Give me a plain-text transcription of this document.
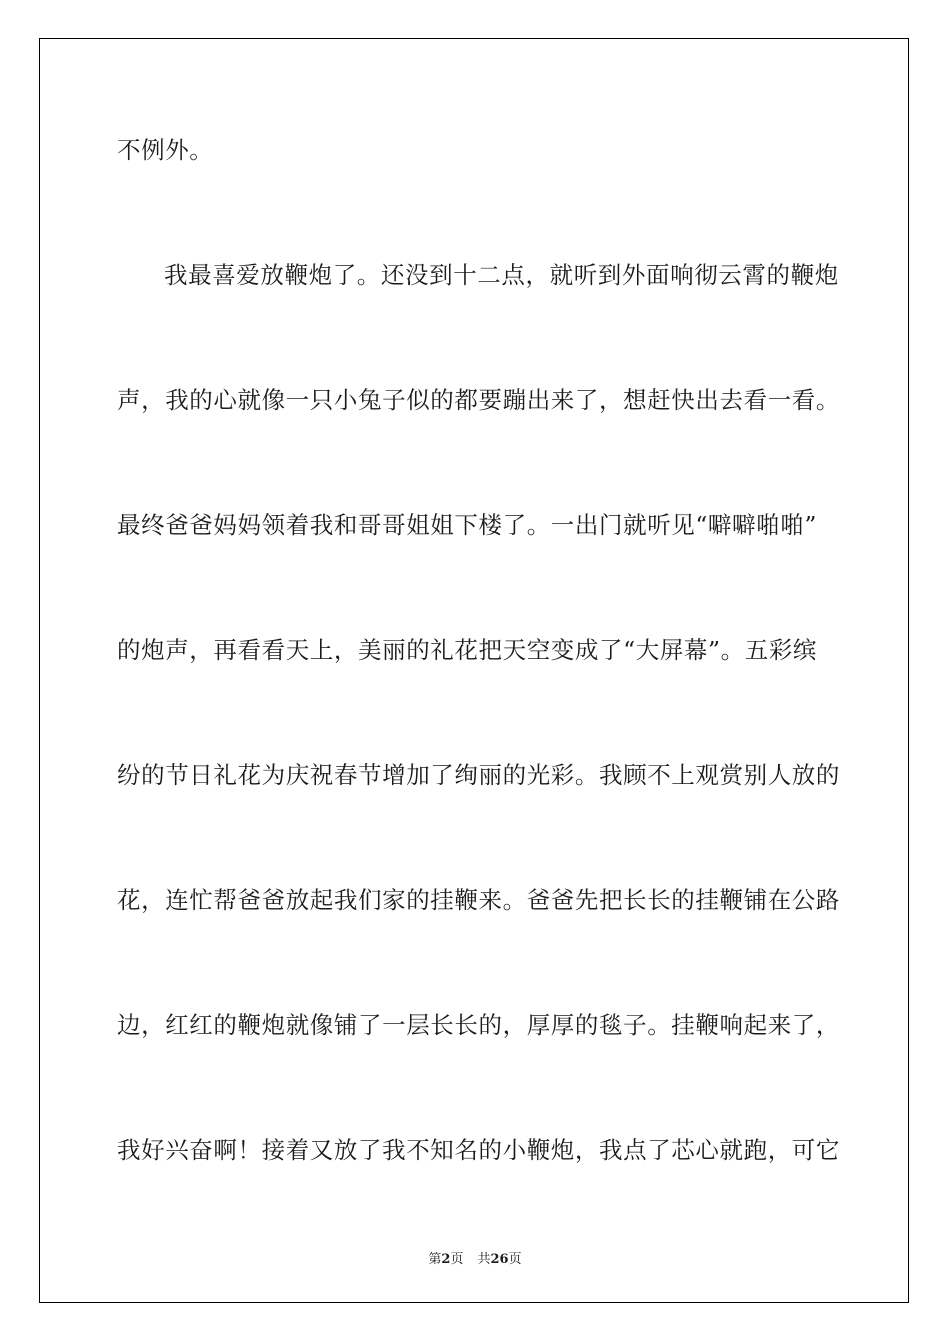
不例外。
我最喜爱放鞭炮了。还没到十二点，就听到外面响彻云霄的鞭炮
声，我的心就像一只小兔子似的都要蹦出来了，想赶快出去看一看。
最终爸爸妈妈领着我和哥哥姐姐下楼了。一出门就听见“噼噼啪啪”
的炮声，再看看天上，美丽的礼花把天空变成了“大屏幕”。五彩缤
纷的节日礼花为庆祝春节增加了绚丽的光彩。我顾不上观赏别人放的
花，连忙帮爸爸放起我们家的挂鞭来。爸爸先把长长的挂鞭铺在公路
边，红红的鞭炮就像铺了一层长长的，厚厚的毯子。挂鞭响起来了，
我好兴奋啊！接着又放了我不知名的小鞭炮，我点了芯心就跑，可它
第2页 共26页
